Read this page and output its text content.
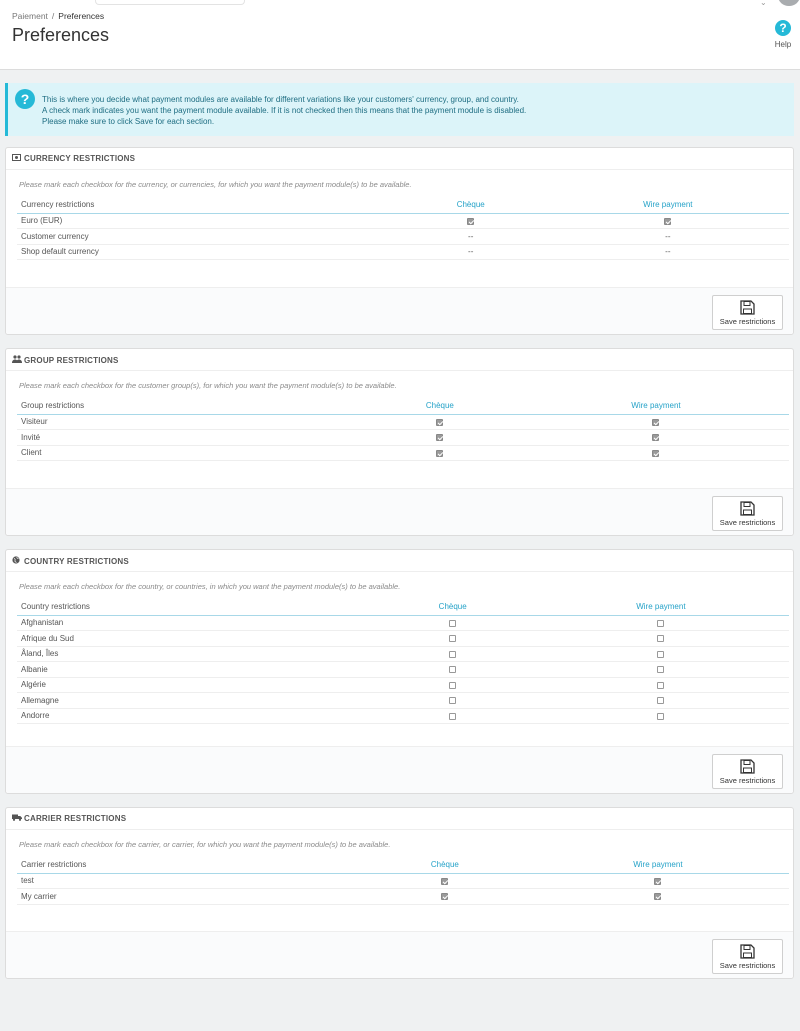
⌄
Paiement / Preferences
Preferences	?
Help
?	This is where you decide what payment modules are available for different variations like your customers' currency, group, and country.
A check mark indicates you want the payment module available. If it is not checked then this means that the payment module is disabled.
Please make sure to click Save for each section.
CURRENCY RESTRICTIONS
Please mark each checkbox for the currency, or currencies, for which you want the payment module(s) to be available.
Currency restrictions	Chèque	Wire payment
Euro (EUR)		
Customer currency	--	--
Shop default currency	--	--
Save restrictions
GROUP RESTRICTIONS
Please mark each checkbox for the customer group(s), for which you want the payment module(s) to be available.
Group restrictions	Chèque	Wire payment
Visiteur		
Invité		
Client		
Save restrictions
COUNTRY RESTRICTIONS
Please mark each checkbox for the country, or countries, in which you want the payment module(s) to be available.
Country restrictions	Chèque	Wire payment
Afghanistan		
Afrique du Sud		
Åland, Îles		
Albanie		
Algérie		
Allemagne		
Andorre		
Save restrictions
CARRIER RESTRICTIONS
Please mark each checkbox for the carrier, or carrier, for which you want the payment module(s) to be available.
Carrier restrictions	Chèque	Wire payment
test		
My carrier		
Save restrictions
